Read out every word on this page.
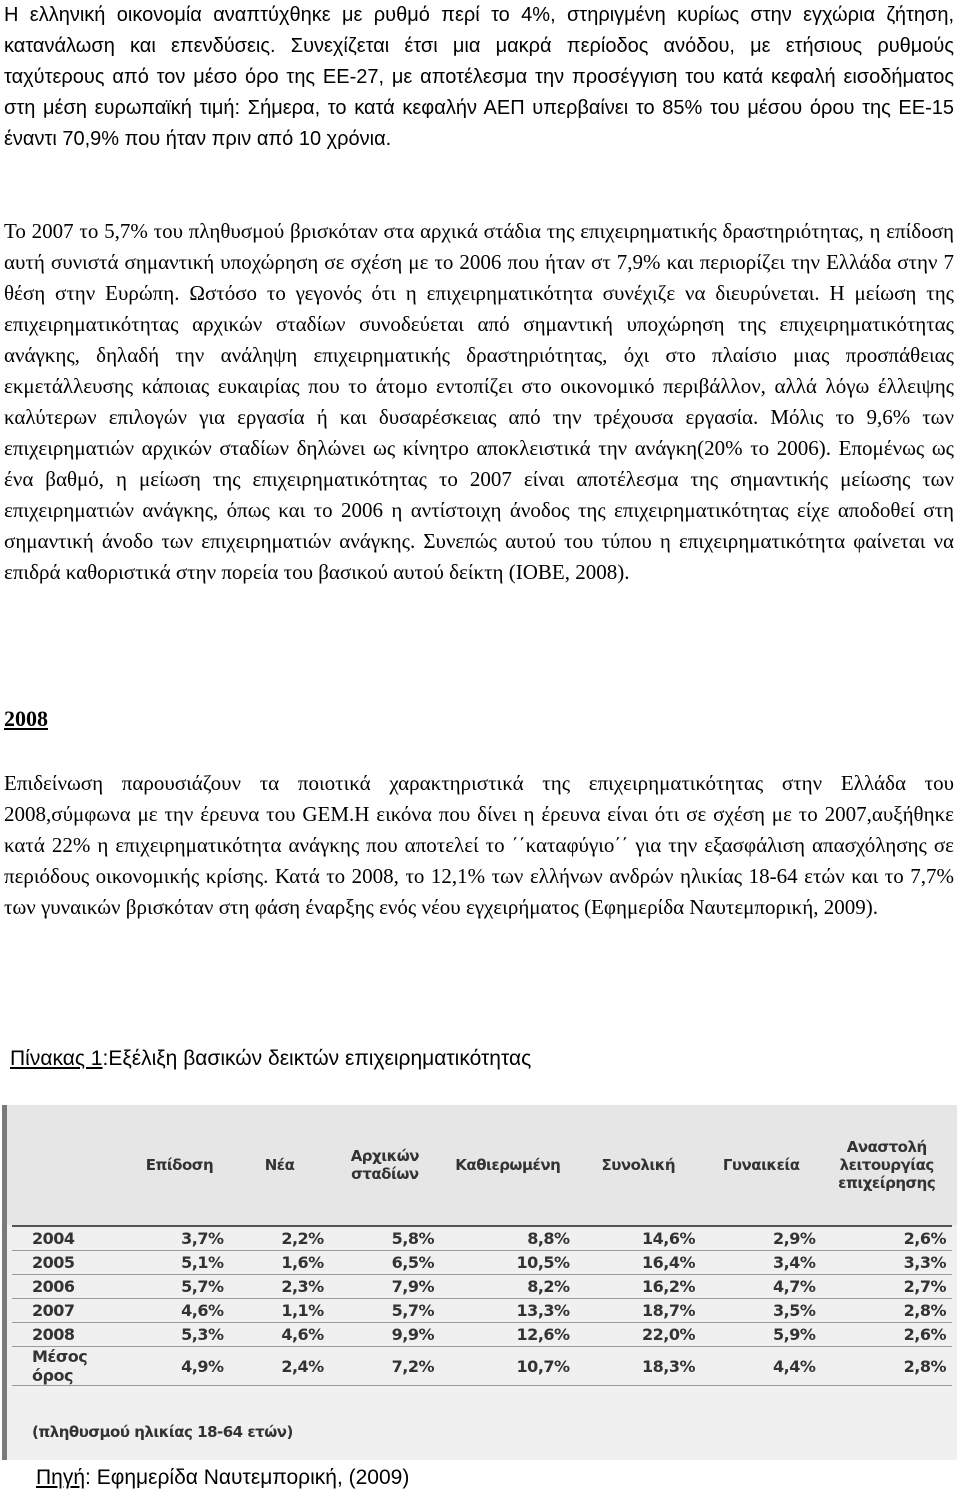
Η ελληνική οικονομία αναπτύχθηκε με ρυθμό περί το 4%, στηριγμένη κυρίως στην εγχώρια ζήτηση, κατανάλωση και επενδύσεις. Συνεχίζεται έτσι μια μακρά περίοδος ανόδου, με ετήσιους ρυθμούς ταχύτερους από τον μέσο όρο της ΕΕ-27, με αποτέλεσμα την προσέγγιση του κατά κεφαλή εισοδήματος στη μέση ευρωπαϊκή τιμή: Σήμερα, το κατά κεφαλήν ΑΕΠ υπερβαίνει το 85% του μέσου όρου της ΕΕ-15 έναντι 70,9% που ήταν πριν από 10 χρόνια.

Το 2007 το 5,7% του πληθυσμού βρισκόταν στα αρχικά στάδια της επιχειρηματικής δραστηριότητας, η επίδοση αυτή συνιστά σημαντική υποχώρηση σε σχέση με το 2006 που ήταν στ 7,9% και περιορίζει την Ελλάδα στην 7 θέση στην Ευρώπη. Ωστόσο το γεγονός ότι η επιχειρηματικότητα συνέχιζε να διευρύνεται. Η μείωση της επιχειρηματικότητας αρχικών σταδίων συνοδεύεται από σημαντική υποχώρηση της επιχειρηματικότητας ανάγκης, δηλαδή την ανάληψη επιχειρηματικής δραστηριότητας, όχι στο πλαίσιο μιας προσπάθειας εκμετάλλευσης κάποιας ευκαιρίας που το άτομο εντοπίζει στο οικονομικό περιβάλλον, αλλά λόγω έλλειψης καλύτερων επιλογών για εργασία ή και δυσαρέσκειας από την τρέχουσα εργασία. Μόλις το 9,6% των επιχειρηματιών αρχικών σταδίων δηλώνει ως κίνητρο αποκλειστικά την ανάγκη(20% το 2006). Επομένως ως ένα βαθμό, η μείωση της επιχειρηματικότητας το 2007 είναι αποτέλεσμα της σημαντικής μείωσης των επιχειρηματιών ανάγκης, όπως και το 2006 η αντίστοιχη άνοδος της επιχειρηματικότητας είχε αποδοθεί στη σημαντική άνοδο των επιχειρηματιών ανάγκης. Συνεπώς αυτού του τύπου η επιχειρηματικότητα φαίνεται να επιδρά καθοριστικά στην πορεία του βασικού αυτού δείκτη (ΙΟΒΕ, 2008).

2008

Επιδείνωση παρουσιάζουν τα ποιοτικά χαρακτηριστικά της επιχειρηματικότητας στην Ελλάδα του 2008,σύμφωνα με την έρευνα του GEM.Η εικόνα που δίνει η έρευνα είναι ότι σε σχέση με το 2007,αυξήθηκε κατά 22% η επιχειρηματικότητα ανάγκης που αποτελεί το ΄΄καταφύγιο΄΄ για την εξασφάλιση απασχόλησης σε περιόδους οικονομικής κρίσης. Κατά το 2008, το 12,1% των ελλήνων ανδρών ηλικίας 18-64 ετών και το 7,7% των γυναικών βρισκόταν στη φάση έναρξης ενός νέου εγχειρήματος (Εφημερίδα Ναυτεμπορική, 2009).

Πίνακας 1:Εξέλιξη βασικών δεικτών επιχειρηματικότητας
	Επίδοση	Νέα	Αρχικών σταδίων	Καθιερωμένη	Συνολική	Γυναικεία	Αναστολή λειτουργίας επιχείρησης
2004	3,7%	2,2%	5,8%	8,8%	14,6%	2,9%	2,6%
2005	5,1%	1,6%	6,5%	10,5%	16,4%	3,4%	3,3%
2006	5,7%	2,3%	7,9%	8,2%	16,2%	4,7%	2,7%
2007	4,6%	1,1%	5,7%	13,3%	18,7%	3,5%	2,8%
2008	5,3%	4,6%	9,9%	12,6%	22,0%	5,9%	2,6%
Μέσος όρος	4,9%	2,4%	7,2%	10,7%	18,3%	4,4%	2,8%
(πληθυσμού ηλικίας 18-64 ετών)
Πηγή: Εφημερίδα Ναυτεμπορική, (2009)
